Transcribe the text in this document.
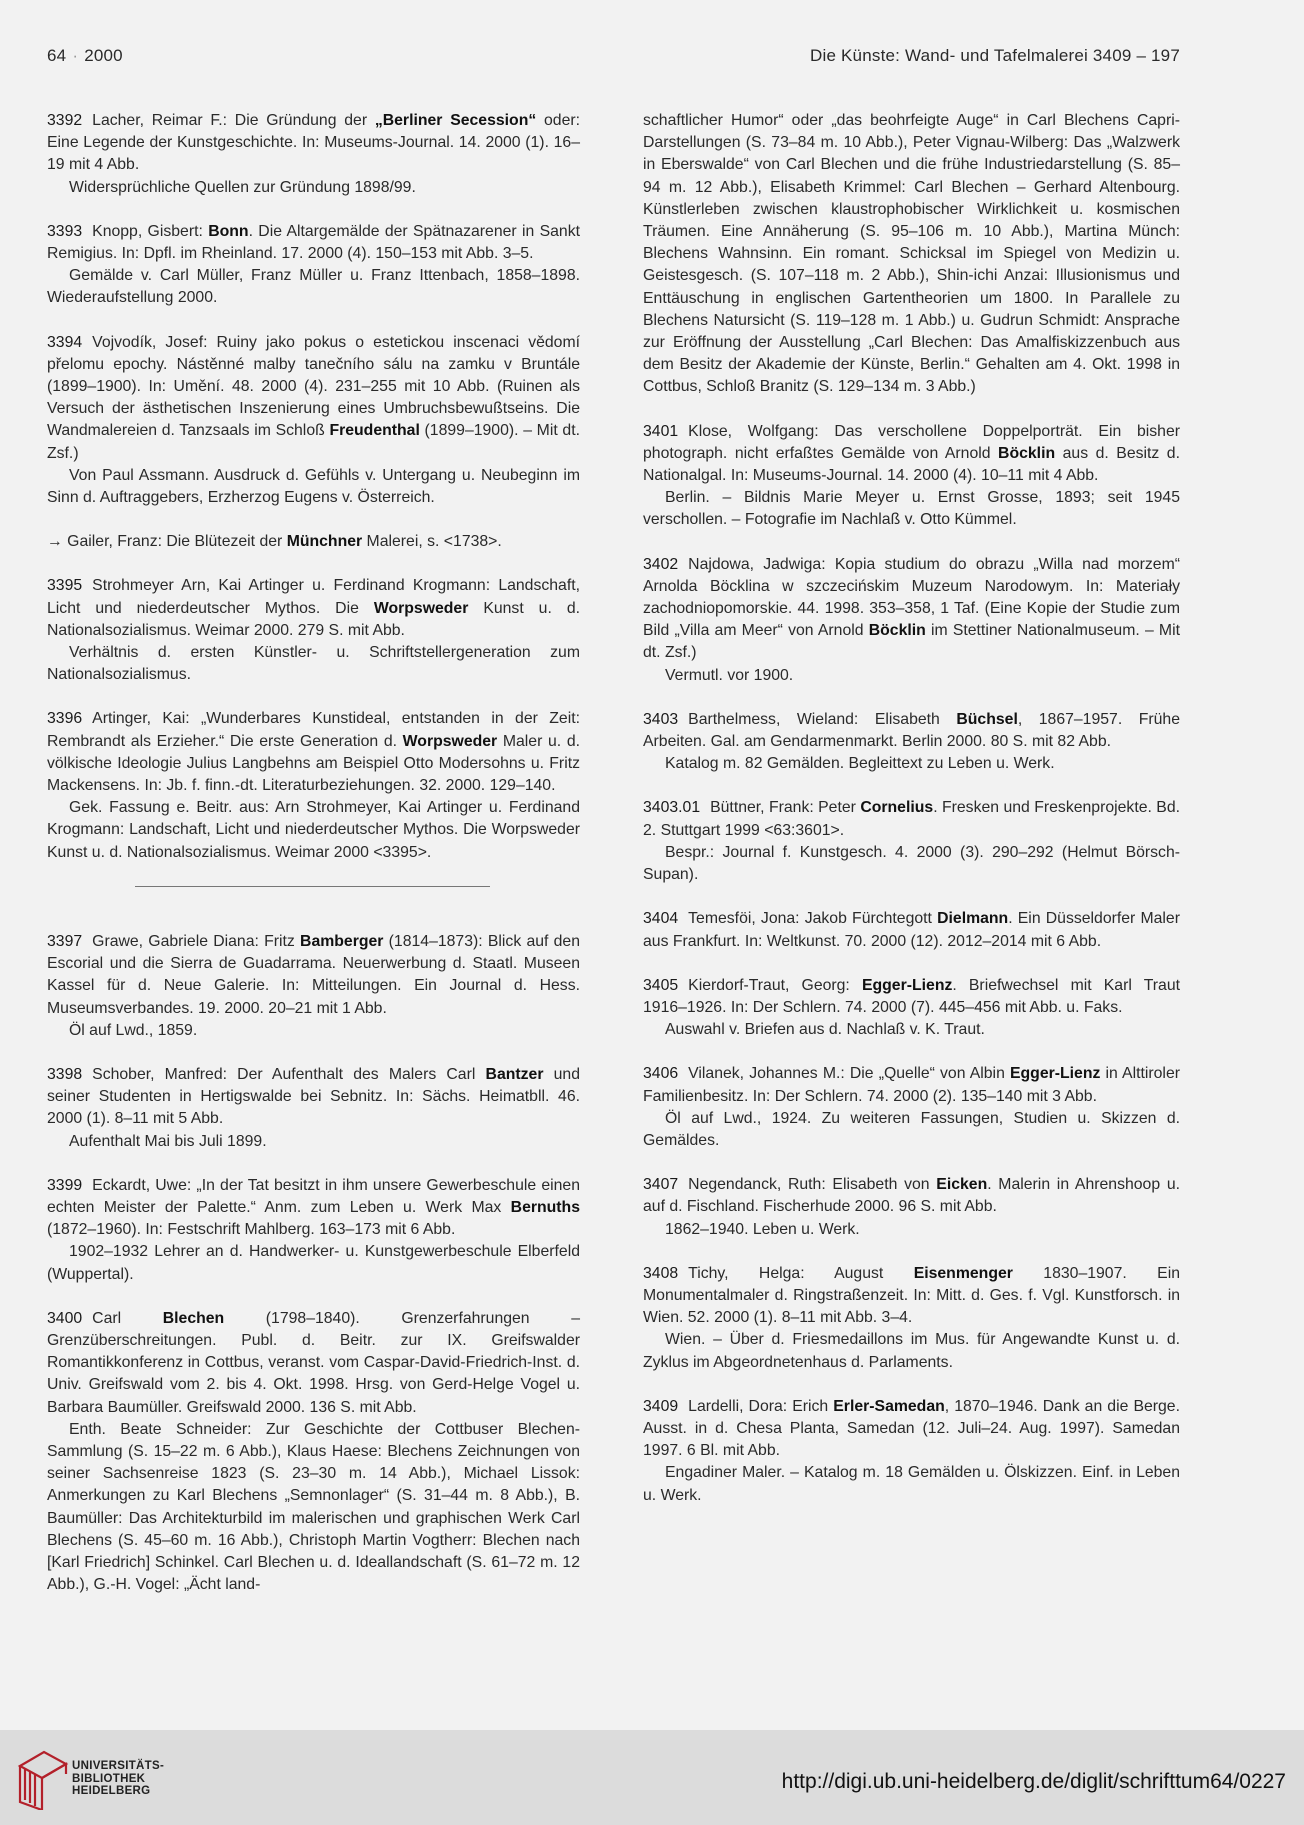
64 · 2000	Die Künste: Wand- und Tafelmalerei 3409 – 197

3392 Lacher, Reimar F.: Die Gründung der „Berliner Secession“ oder: Eine Legende der Kunstgeschichte. In: Museums-Journal. 14. 2000 (1). 16–19 mit 4 Abb.

Widersprüchliche Quellen zur Gründung 1898/99.

3393 Knopp, Gisbert: Bonn. Die Altargemälde der Spätnazarener in Sankt Remigius. In: Dpfl. im Rheinland. 17. 2000 (4). 150–153 mit Abb. 3–5.

Gemälde v. Carl Müller, Franz Müller u. Franz Ittenbach, 1858–1898. Wiederaufstellung 2000.

3394 Vojvodík, Josef: Ruiny jako pokus o estetickou inscenaci vědomí přelomu epochy. Nástěnné malby tanečního sálu na zamku v Bruntále (1899–1900). In: Umění. 48. 2000 (4). 231–255 mit 10 Abb. (Ruinen als Versuch der ästhetischen Inszenierung eines Umbruchsbewußtseins. Die Wandmalereien d. Tanzsaals im Schloß Freudenthal (1899–1900). – Mit dt. Zsf.)

Von Paul Assmann. Ausdruck d. Gefühls v. Untergang u. Neubeginn im Sinn d. Auftraggebers, Erzherzog Eugens v. Österreich.

→ Gailer, Franz: Die Blütezeit der Münchner Malerei, s. <1738>.

3395 Strohmeyer Arn, Kai Artinger u. Ferdinand Krogmann: Landschaft, Licht und niederdeutscher Mythos. Die Worpsweder Kunst u. d. Nationalsozialismus. Weimar 2000. 279 S. mit Abb.

Verhältnis d. ersten Künstler- u. Schriftstellergeneration zum Nationalsozialismus.

3396 Artinger, Kai: „Wunderbares Kunstideal, entstanden in der Zeit: Rembrandt als Erzieher.“ Die erste Generation d. Worpsweder Maler u. d. völkische Ideologie Julius Langbehns am Beispiel Otto Modersohns u. Fritz Mackensens. In: Jb. f. finn.-dt. Literaturbeziehungen. 32. 2000. 129–140.

Gek. Fassung e. Beitr. aus: Arn Strohmeyer, Kai Artinger u. Ferdinand Krogmann: Landschaft, Licht und niederdeutscher Mythos. Die Worpsweder Kunst u. d. Nationalsozialismus. Weimar 2000 <3395>.

3397 Grawe, Gabriele Diana: Fritz Bamberger (1814–1873): Blick auf den Escorial und die Sierra de Guadarrama. Neuerwerbung d. Staatl. Museen Kassel für d. Neue Galerie. In: Mitteilungen. Ein Journal d. Hess. Museumsverbandes. 19. 2000. 20–21 mit 1 Abb.

Öl auf Lwd., 1859.

3398 Schober, Manfred: Der Aufenthalt des Malers Carl Bantzer und seiner Studenten in Hertigswalde bei Sebnitz. In: Sächs. Heimatbll. 46. 2000 (1). 8–11 mit 5 Abb.

Aufenthalt Mai bis Juli 1899.

3399 Eckardt, Uwe: „In der Tat besitzt in ihm unsere Gewerbeschule einen echten Meister der Palette.“ Anm. zum Leben u. Werk Max Bernuths (1872–1960). In: Festschrift Mahlberg. 163–173 mit 6 Abb.

1902–1932 Lehrer an d. Handwerker- u. Kunstgewerbeschule Elberfeld (Wuppertal).

3400 Carl Blechen (1798–1840). Grenzerfahrungen – Grenzüberschreitungen. Publ. d. Beitr. zur IX. Greifswalder Romantikkonferenz in Cottbus, veranst. vom Caspar-David-Friedrich-Inst. d. Univ. Greifswald vom 2. bis 4. Okt. 1998. Hrsg. von Gerd-Helge Vogel u. Barbara Baumüller. Greifswald 2000. 136 S. mit Abb.

Enth. Beate Schneider: Zur Geschichte der Cottbuser Blechen-Sammlung (S. 15–22 m. 6 Abb.), Klaus Haese: Blechens Zeichnungen von seiner Sachsenreise 1823 (S. 23–30 m. 14 Abb.), Michael Lissok: Anmerkungen zu Karl Blechens „Semnonlager“ (S. 31–44 m. 8 Abb.), B. Baumüller: Das Architekturbild im malerischen und graphischen Werk Carl Blechens (S. 45–60 m. 16 Abb.), Christoph Martin Vogtherr: Blechen nach [Karl Friedrich] Schinkel. Carl Blechen u. d. Ideallandschaft (S. 61–72 m. 12 Abb.), G.-H. Vogel: „Ächt land-

schaftlicher Humor“ oder „das beohrfeigte Auge“ in Carl Blechens Capri-Darstellungen (S. 73–84 m. 10 Abb.), Peter Vignau-Wilberg: Das „Walzwerk in Eberswalde“ von Carl Blechen und die frühe Industriedarstellung (S. 85–94 m. 12 Abb.), Elisabeth Krimmel: Carl Blechen – Gerhard Altenbourg. Künstlerleben zwischen klaustrophobischer Wirklichkeit u. kosmischen Träumen. Eine Annäherung (S. 95–106 m. 10 Abb.), Martina Münch: Blechens Wahnsinn. Ein romant. Schicksal im Spiegel von Medizin u. Geistesgesch. (S. 107–118 m. 2 Abb.), Shin-ichi Anzai: Illusionismus und Enttäuschung in englischen Gartentheorien um 1800. In Parallele zu Blechens Natursicht (S. 119–128 m. 1 Abb.) u. Gudrun Schmidt: Ansprache zur Eröffnung der Ausstellung „Carl Blechen: Das Amalfiskizzenbuch aus dem Besitz der Akademie der Künste, Berlin.“ Gehalten am 4. Okt. 1998 in Cottbus, Schloß Branitz (S. 129–134 m. 3 Abb.)

3401 Klose, Wolfgang: Das verschollene Doppelporträt. Ein bisher photograph. nicht erfaßtes Gemälde von Arnold Böcklin aus d. Besitz d. Nationalgal. In: Museums-Journal. 14. 2000 (4). 10–11 mit 4 Abb.

Berlin. – Bildnis Marie Meyer u. Ernst Grosse, 1893; seit 1945 verschollen. – Fotografie im Nachlaß v. Otto Kümmel.

3402 Najdowa, Jadwiga: Kopia studium do obrazu „Willa nad morzem“ Arnolda Böcklina w szczecińskim Muzeum Narodowym. In: Materiały zachodniopomorskie. 44. 1998. 353–358, 1 Taf. (Eine Kopie der Studie zum Bild „Villa am Meer“ von Arnold Böcklin im Stettiner Nationalmuseum. – Mit dt. Zsf.)

Vermutl. vor 1900.

3403 Barthelmess, Wieland: Elisabeth Büchsel, 1867–1957. Frühe Arbeiten. Gal. am Gendarmenmarkt. Berlin 2000. 80 S. mit 82 Abb.

Katalog m. 82 Gemälden. Begleittext zu Leben u. Werk.

3403.01 Büttner, Frank: Peter Cornelius. Fresken und Freskenprojekte. Bd. 2. Stuttgart 1999 <63:3601>.

Bespr.: Journal f. Kunstgesch. 4. 2000 (3). 290–292 (Helmut Börsch-Supan).

3404 Temesföi, Jona: Jakob Fürchtegott Dielmann. Ein Düsseldorfer Maler aus Frankfurt. In: Weltkunst. 70. 2000 (12). 2012–2014 mit 6 Abb.

3405 Kierdorf-Traut, Georg: Egger-Lienz. Briefwechsel mit Karl Traut 1916–1926. In: Der Schlern. 74. 2000 (7). 445–456 mit Abb. u. Faks.

Auswahl v. Briefen aus d. Nachlaß v. K. Traut.

3406 Vilanek, Johannes M.: Die „Quelle“ von Albin Egger-Lienz in Alttiroler Familienbesitz. In: Der Schlern. 74. 2000 (2). 135–140 mit 3 Abb.

Öl auf Lwd., 1924. Zu weiteren Fassungen, Studien u. Skizzen d. Gemäldes.

3407 Negendanck, Ruth: Elisabeth von Eicken. Malerin in Ahrenshoop u. auf d. Fischland. Fischerhude 2000. 96 S. mit Abb.

1862–1940. Leben u. Werk.

3408 Tichy, Helga: August Eisenmenger 1830–1907. Ein Monumentalmaler d. Ringstraßenzeit. In: Mitt. d. Ges. f. Vgl. Kunstforsch. in Wien. 52. 2000 (1). 8–11 mit Abb. 3–4.

Wien. – Über d. Friesmedaillons im Mus. für Angewandte Kunst u. d. Zyklus im Abgeordnetenhaus d. Parlaments.

3409 Lardelli, Dora: Erich Erler-Samedan, 1870–1946. Dank an die Berge. Ausst. in d. Chesa Planta, Samedan (12. Juli–24. Aug. 1997). Samedan 1997. 6 Bl. mit Abb.

Engadiner Maler. – Katalog m. 18 Gemälden u. Ölskizzen. Einf. in Leben u. Werk.

UNIVERSITÄTS-
BIBLIOTHEK
HEIDELBERG	http://digi.ub.uni-heidelberg.de/diglit/schrifttum64/0227
